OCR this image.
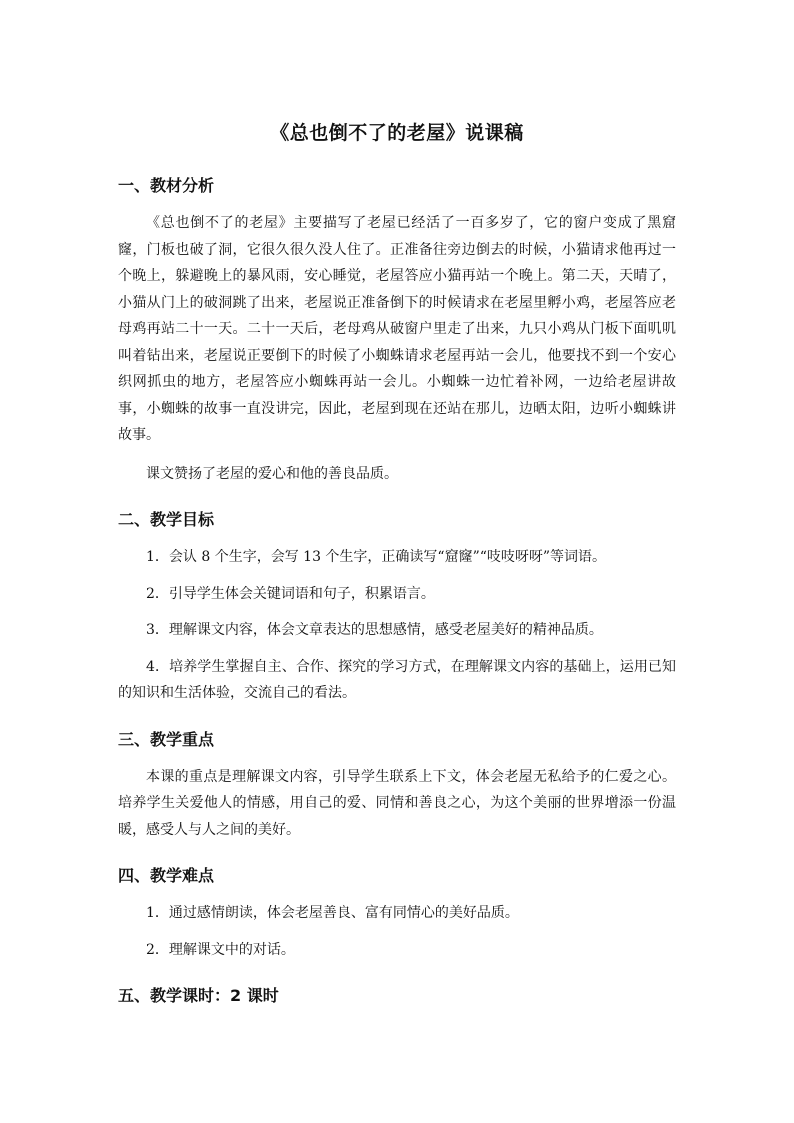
《总也倒不了的老屋》说课稿
一、教材分析

《总也倒不了的老屋》主要描写了老屋已经活了一百多岁了，它的窗户变成了黑窟窿，门板也破了洞，它很久很久没人住了。正准备往旁边倒去的时候，小猫请求他再过一个晚上，躲避晚上的暴风雨，安心睡觉，老屋答应小猫再站一个晚上。第二天，天晴了，小猫从门上的破洞跳了出来，老屋说正准备倒下的时候请求在老屋里孵小鸡，老屋答应老母鸡再站二十一天。二十一天后，老母鸡从破窗户里走了出来，九只小鸡从门板下面叽叽叫着钻出来，老屋说正要倒下的时候了小蜘蛛请求老屋再站一会儿，他要找不到一个安心织网抓虫的地方，老屋答应小蜘蛛再站一会儿。小蜘蛛一边忙着补网，一边给老屋讲故事，小蜘蛛的故事一直没讲完，因此，老屋到现在还站在那儿，边晒太阳，边听小蜘蛛讲故事。

课文赞扬了老屋的爱心和他的善良品质。

二、教学目标

1．会认 8 个生字，会写 13 个生字，正确读写“窟窿”“吱吱呀呀”等词语。

2．引导学生体会关键词语和句子，积累语言。

3．理解课文内容，体会文章表达的思想感情，感受老屋美好的精神品质。

4．培养学生掌握自主、合作、探究的学习方式，在理解课文内容的基础上，运用已知的知识和生活体验，交流自己的看法。

三、教学重点

本课的重点是理解课文内容，引导学生联系上下文，体会老屋无私给予的仁爱之心。培养学生关爱他人的情感，用自己的爱、同情和善良之心，为这个美丽的世界增添一份温暖，感受人与人之间的美好。

四、教学难点

1．通过感情朗读，体会老屋善良、富有同情心的美好品质。

2．理解课文中的对话。

五、教学课时：2 课时
